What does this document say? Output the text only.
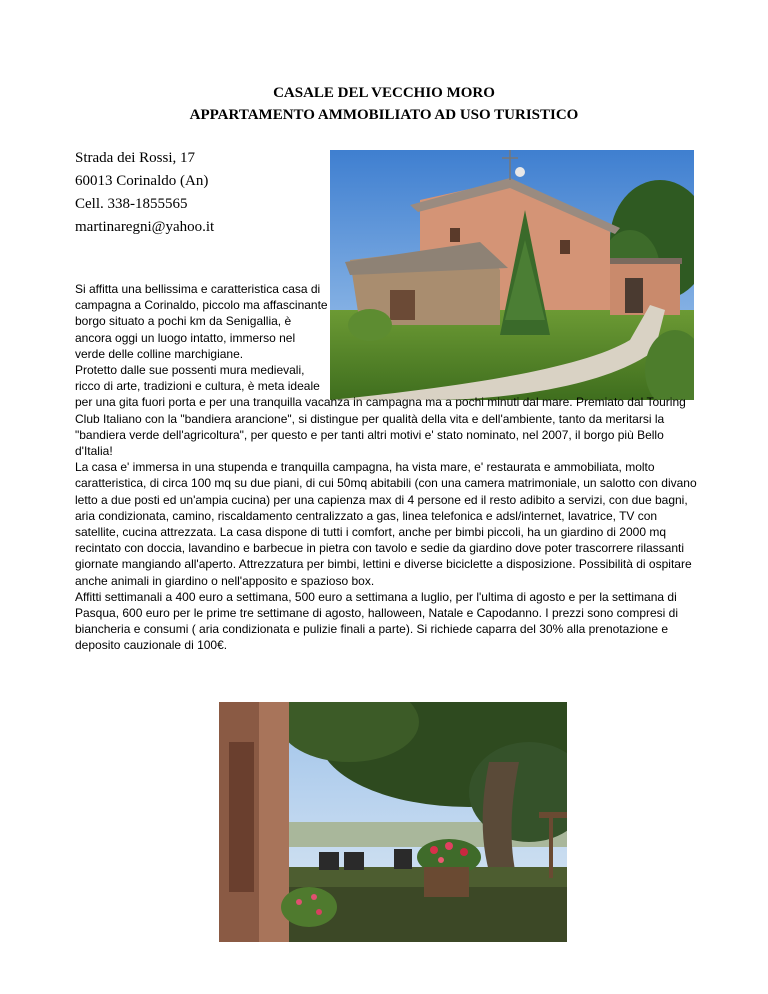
CASALE DEL VECCHIO MORO
APPARTAMENTO AMMOBILIATO AD USO TURISTICO
Strada dei Rossi, 17
60013 Corinaldo (An)
Cell. 338-1855565
martinaregni@yahoo.it

Si affitta una bellissima e caratteristica casa di campagna a Corinaldo, piccolo ma affascinante borgo situato a pochi km da Senigallia, è ancora oggi un luogo intatto, immerso nel verde delle colline marchigiane.

Protetto dalle sue possenti mura medievali, ricco di arte, tradizioni e cultura, è meta ideale per una gita fuori porta e per una tranquilla vacanza in campagna ma a pochi minuti dal mare. Premiato dal Touring Club Italiano con la "bandiera arancione", si distingue per qualità della vita e dell'ambiente, tanto da meritarsi la "bandiera verde dell'agricoltura", per questo e per tanti altri motivi e' stato nominato, nel 2007, il borgo più Bello d'Italia!

La casa e' immersa in una stupenda e tranquilla campagna, ha vista mare, e' restaurata e ammobiliata, molto caratteristica, di circa 100 mq su due piani, di cui 50mq abitabili (con una camera matrimoniale, un salotto con divano letto a due posti ed un'ampia cucina) per una capienza max di 4 persone ed il resto adibito a servizi, con due bagni, aria condizionata, camino, riscaldamento centralizzato a gas, linea telefonica e adsl/internet, lavatrice, TV con satellite, cucina attrezzata. La casa dispone di tutti i comfort, anche per bimbi piccoli, ha un giardino di 2000 mq recintato con doccia, lavandino e barbecue in pietra con tavolo e sedie da giardino dove poter trascorrere rilassanti giornate mangiando all'aperto. Attrezzatura per bimbi, lettini e diverse biciclette a disposizione. Possibilità di ospitare anche animali in giardino o nell'apposito e spazioso box.

Affitti settimanali a 400 euro a settimana, 500 euro a settimana a luglio, per l'ultima di agosto e per la settimana di Pasqua, 600 euro per le prime tre settimane di agosto, halloween, Natale e Capodanno. I prezzi sono compresi di biancheria e consumi ( aria condizionata e pulizie finali a parte). Si richiede caparra del 30% alla prenotazione e deposito cauzionale di 100€.
